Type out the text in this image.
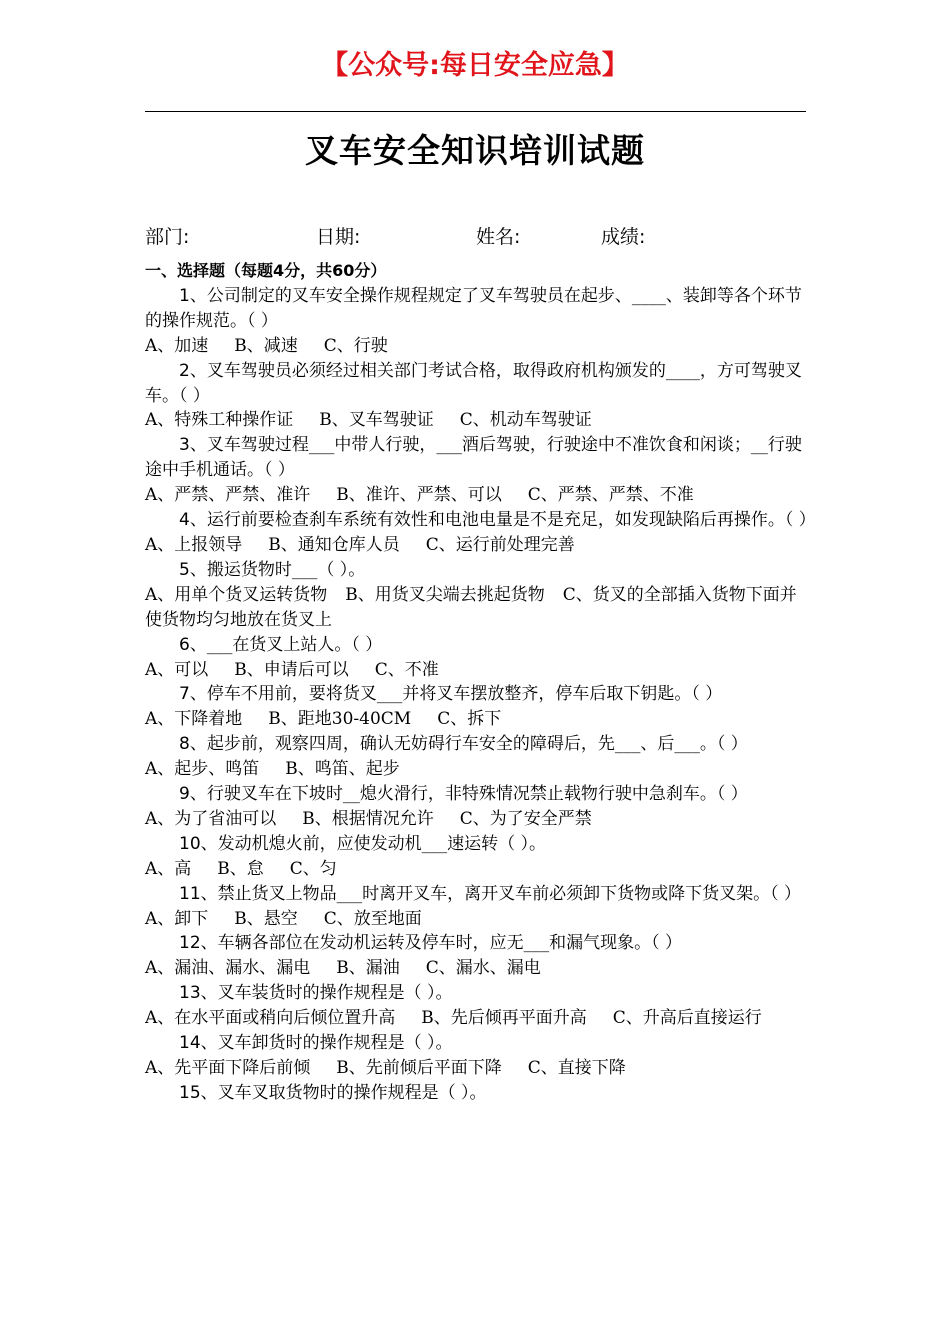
【公众号:每日安全应急】
叉车安全知识培训试题
部门:	日期:	姓名:	成绩:
一、选择题（每题4分，共60分）
1、公司制定的叉车安全操作规程规定了叉车驾驶员在起步、____、装卸等各个环节的操作规范。（ ）
A、加速 B、减速 C、行驶
2、叉车驾驶员必须经过相关部门考试合格，取得政府机构颁发的____，方可驾驶叉车。（ ）
A、特殊工种操作证 B、叉车驾驶证 C、机动车驾驶证
3、叉车驾驶过程___中带人行驶，___酒后驾驶，行驶途中不准饮食和闲谈；__行驶途中手机通话。（ ）
A、严禁、严禁、准许 B、准许、严禁、可以 C、严禁、严禁、不准
4、运行前要检查刹车系统有效性和电池电量是不是充足，如发现缺陷后再操作。（ ）
A、上报领导 B、通知仓库人员 C、运行前处理完善
5、搬运货物时___（ ）。
A、用单个货叉运转货物 B、用货叉尖端去挑起货物 C、货叉的全部插入货物下面并使货物均匀地放在货叉上
6、___在货叉上站人。（ ）
A、可以 B、申请后可以 C、不准
7、停车不用前，要将货叉___并将叉车摆放整齐，停车后取下钥匙。（ ）
A、下降着地 B、距地30-40CM C、拆下
8、起步前，观察四周，确认无妨碍行车安全的障碍后，先___、后___。（ ）
A、起步、鸣笛 B、鸣笛、起步
9、行驶叉车在下坡时__熄火滑行，非特殊情况禁止载物行驶中急刹车。（ ）
A、为了省油可以 B、根据情况允许 C、为了安全严禁
10、发动机熄火前，应使发动机___速运转（ ）。
A、高 B、怠 C、匀
11、禁止货叉上物品___时离开叉车，离开叉车前必须卸下货物或降下货叉架。（ ）
A、卸下 B、悬空 C、放至地面
12、车辆各部位在发动机运转及停车时，应无___和漏气现象。（ ）
A、漏油、漏水、漏电 B、漏油 C、漏水、漏电
13、叉车装货时的操作规程是（ ）。
A、在水平面或稍向后倾位置升高 B、先后倾再平面升高 C、升高后直接运行
14、叉车卸货时的操作规程是（ ）。
A、先平面下降后前倾 B、先前倾后平面下降 C、直接下降
15、叉车叉取货物时的操作规程是（ ）。
